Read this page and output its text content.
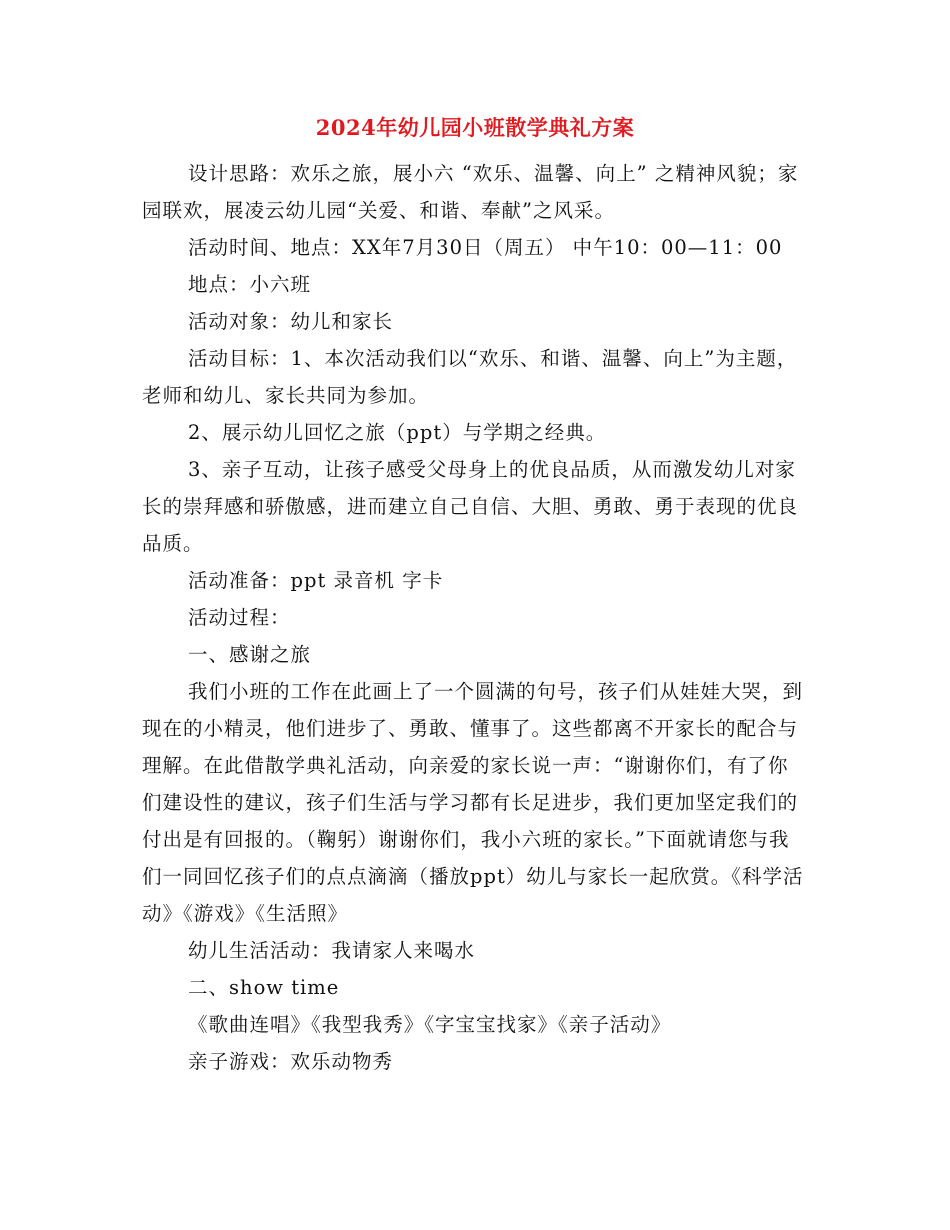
2024年幼儿园小班散学典礼方案

设计思路：欢乐之旅，展小六 “欢乐、温馨、向上” 之精神风貌；家园联欢，展凌云幼儿园“关爱、和谐、奉献”之风采。

活动时间、地点：XX年7月30日（周五） 中午10：00—11：00

地点：小六班

活动对象：幼儿和家长

活动目标：1、本次活动我们以“欢乐、和谐、温馨、向上”为主题，老师和幼儿、家长共同为参加。

2、展示幼儿回忆之旅（ppt）与学期之经典。

3、亲子互动，让孩子感受父母身上的优良品质，从而激发幼儿对家长的崇拜感和骄傲感，进而建立自己自信、大胆、勇敢、勇于表现的优良品质。

活动准备：ppt 录音机 字卡

活动过程：

一、感谢之旅

我们小班的工作在此画上了一个圆满的句号，孩子们从娃娃大哭，到现在的小精灵，他们进步了、勇敢、懂事了。这些都离不开家长的配合与理解。在此借散学典礼活动，向亲爱的家长说一声：“谢谢你们，有了你们建设性的建议，孩子们生活与学习都有长足进步，我们更加坚定我们的付出是有回报的。（鞠躬）谢谢你们，我小六班的家长。”下面就请您与我们一同回忆孩子们的点点滴滴（播放ppt）幼儿与家长一起欣赏。《科学活动》《游戏》《生活照》

幼儿生活活动：我请家人来喝水

二、show time

《歌曲连唱》《我型我秀》《字宝宝找家》《亲子活动》

亲子游戏：欢乐动物秀
